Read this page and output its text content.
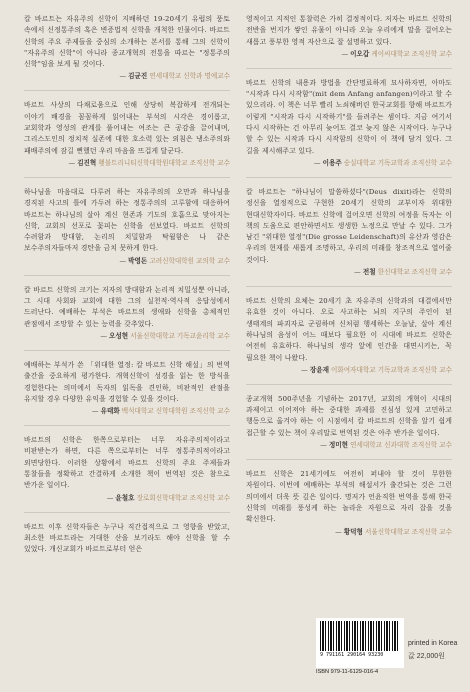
칼 바르트는 자유주의 신학이 지배하던 19-20세기 유럽의 풍토 속에서 신정통주의 혹은 변증법적 신학을 개척한 인물이다. 바르트 신학의 주요 주제들을 중심의 소개하는 본서를 통해 그의 신학이 "자유주의 신학"이 아니라 종교개혁의 전통을 따르는 "정통주의 신학"임을 보게 될 것이다.

— 김균진 연세대학교 신학과 명예교수

바르트 사상의 다채로움으로 인해 상당히 복잡하게 전개되는 이야기 배경을 꼼꼼하게 읽어내는 부석의 시각은 경이롭고, 교회학과 영성의 관계를 풀어내는 여조는 큰 공감을 끌어내며, 그리스도인의 정치적 실존에 대한 호소력 있는 외침은 냉소주의와 패배주의에 잠길 뻔했던 우리 마음을 뜨겁게 달군다.

— 김진혁 횃불트리니티신학대학원대학교 조직신학 교수

하나님을 마음대로 다루려 하는 자유주의의 오만과 하나님을 경직된 사고의 틀에 가두려 하는 정통주의의 고루함에 대응하여 바르트는 하나님의 살아 계신 현존과 기도의 호흡으로 맞아지는 신학, 교회의 선포로 꽃피는 신학을 선보였다. 바르트 신학의 수려함과 방대함, 논리의 치밀함과 탁월함은 나 같은 보수주의자들마저 경탄을 금치 못하게 한다.

— 박영돈 고려신학대학원 교의학 교수

칼 바르트 신학의 크기는 저자의 방대함과 논리적 치밀성뿐 아니라, 그 시대 사회와 교회에 대한 그의 실천적·역사적 응답성에서 드러난다. 예배하는 부석은 바르트의 생애와 신학을 총체적인 관점에서 조망할 수 있는 능력을 갖추었다.

— 오성현 서울신학대학교 기독교윤리학 교수

예배하는 부석가 쓴 「위대한 열정: 칼 바르트 신학 해설」의 번역 출간을 중요하게 평가한다. 개혁신학이 성경을 읽는 한 방식을 경험한다는 의미에서 독자의 읽독을 견인하, 비판적인 관점을 유지할 경우 다양한 유익을 경험할 수 있을 것이다.

— 유태화 백석대학교 신학대학원 조직신학 교수

바르트의 신학은 한쪽으로부터는 너무 자유주의적이라고 비판받는가 하면, 다른 쪽으로부터는 너무 정통주의적이라고 외면당한다. 이러한 상황에서 바르트 신학의 주요 주제들과 통찰들을 정확하고 간결하게 소개한 책이 번역된 것은 참으로 반가운 일이다.

— 윤철호 장로회신학대학교 조직신학 교수

바르트 이후 신학자들은 누구나 직간접적으로 그 영향을 받았고, 최소한 바르트라는 거대한 산을 보기라도 해야 신학을 할 수 있었다. 개신교회가 바르트로부터 얻은

영적이고 지적인 통찰력은 가히 결정적이다. 저자는 바르트 신학의 전반을 번지가 쌓인 유물이 아니라 오늘 우리에게 말을 걸어오는 새롭고 풍부한 영적 자산으로 잘 설명하고 있다.

— 이오갑 케이씨대학교 조직신학 교수

바르트 신학의 내용과 방법을 간단명료하게 묘사하자면, 아마도 "시작과 다시 시작함"(mit dem Anfang anfangen)이라고 할 수 있으리라. 이 책은 너무 빨리 노쇠해버린 한국교회를 향해 바르트가 이렇게 "시작과 다시 시작하기"를 들려주는 셈이다. 지금 여기서 다시 시작하는 건 아무리 늦어도 결코 늦지 않은 시작이다. 누구나 할 수 있는 시작과 다시 시작함의 신학이 이 책에 담겨 있다. 그 길을 제시해주고 있다.

— 이용주 숭실대학교 기독교학과 조직신학 교수

칼 바르트는 "하나님이 말씀하셨다"(Deus dixit)라는 신학의 정신을 열정적으로 구현한 20세기 신학의 교부이자 위대한 현대신학자이다. 바르트 신학에 걸어오면 신학의 여정을 독자는 이 책의 도움으로 편안하면서도 생생한 노정으로 만날 수 있다. 그가 남긴 "위대한 열정"(Die grosse Leidenschaft)의 유산과 영감은 우리의 현재를 새롭게 조명하고, 우리의 미래를 창조적으로 열어줄 것이다.

— 전철 한신대학교 조직신학 교수

바르트 신학의 요체는 20세기 초 자유주의 신학과의 대결에서만 유효한 것이 아니다. 오로 사고하는 뇌의 지구의 주인이 된 생태계의 파괴자로 군림하며 신처럼 행세하는 오늘날, 살아 계신 하나님의 음성이 어느 때보다 필요한 이 시대에 바르트 신학은 여전히 유효하다. 하나님의 생각 앞에 인간을 대면시키는, 꼭 필요한 책이 나왔다.

— 장윤재 이화여자대학교 기독교학과 조직신학 교수

종교개혁 500주년을 기념하는 2017년, 교회의 개혁이 시대의 과제이고 이어져야 하는 중대한 과제를 진심성 있게 고민하고 행동으로 옮겨야 하는 이 시점에서 칼 바르트의 신학을 알기 쉽게 접근할 수 있는 책이 우리말로 번역된 것은 아주 반가운 일이다.

— 정미현 연세대학교 신과대학 조직신학 교수

바르트 신학은 21세기에도 여전히 퍼내야 할 것이 무한한 자원이다. 이번에 예배하는 부석의 해설서가 출간되는 것은 그런 의미에서 더욱 뜻 깊은 일이다. 명저가 언윤직한 번역을 통해 한국 신학의 미래를 풍성케 하는 놀라운 자원으로 자리 잡을 것을 확신한다.

— 황덕형 서울신학대학교 조직신학 교수
9 791161 290164 93230
ISBN 979-11-6129-016-4
printed in Korea
값 22,000원
